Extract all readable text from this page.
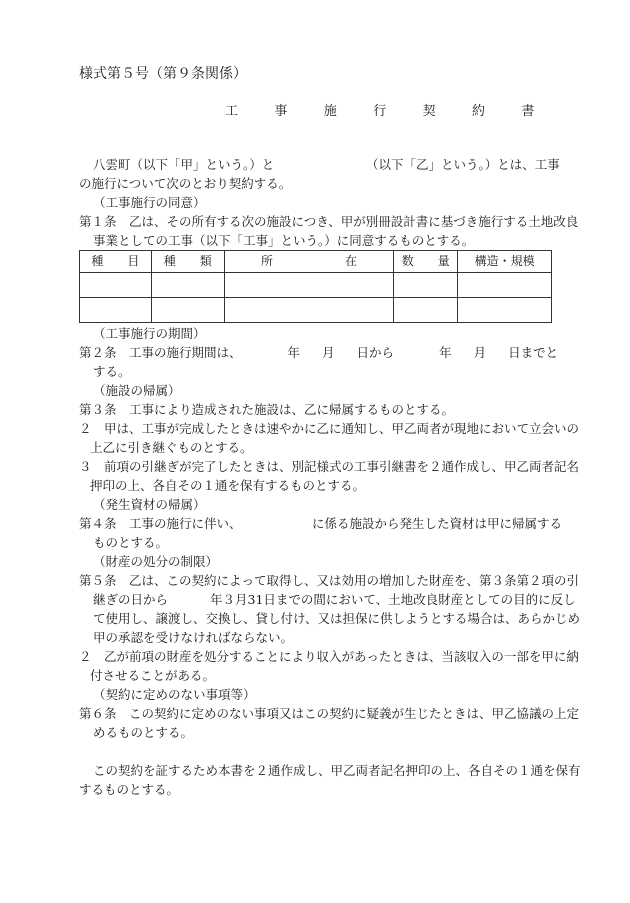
様式第５号（第９条関係）

工　事　施　行　契　約　書

八雲町（以下「甲」という。）と	（以下「乙」という。）とは、工事

の施行について次のとおり契約する。

（工事施行の同意）

第１条　乙は、その所有する次の施設につき、甲が別冊設計書に基づき施行する土地改良

事業としての工事（以下「工事」という。）に同意するものとする。

種　　目	種　　類	所　　　　　　在	数　　量	構造・規模

（工事施行の期間）

第２条　工事の施行期間は、	年 月 日から	年 月 日までと

する。

（施設の帰属）

第３条　工事により造成された施設は、乙に帰属するものとする。

２　甲は、工事が完成したときは速やかに乙に通知し、甲乙両者が現地において立会いの

上乙に引き継ぐものとする。

３　前項の引継ぎが完了したときは、別記様式の工事引継書を２通作成し、甲乙両者記名

押印の上、各自その１通を保有するものとする。

（発生資材の帰属）

第４条　工事の施行に伴い、	に係る施設から発生した資材は甲に帰属する

ものとする。

（財産の処分の制限）

第５条　乙は、この契約によって取得し、又は効用の増加した財産を、第３条第２項の引

継ぎの日から	年３月31日までの間において、土地改良財産としての目的に反し

て使用し、譲渡し、交換し、貸し付け、又は担保に供しようとする場合は、あらかじめ

甲の承認を受けなければならない。

２　乙が前項の財産を処分することにより収入があったときは、当該収入の一部を甲に納

付させることがある。

（契約に定めのない事項等）

第６条　この契約に定めのない事項又はこの契約に疑義が生じたときは、甲乙協議の上定

めるものとする。

この契約を証するため本書を２通作成し、甲乙両者記名押印の上、各自その１通を保有

するものとする。
